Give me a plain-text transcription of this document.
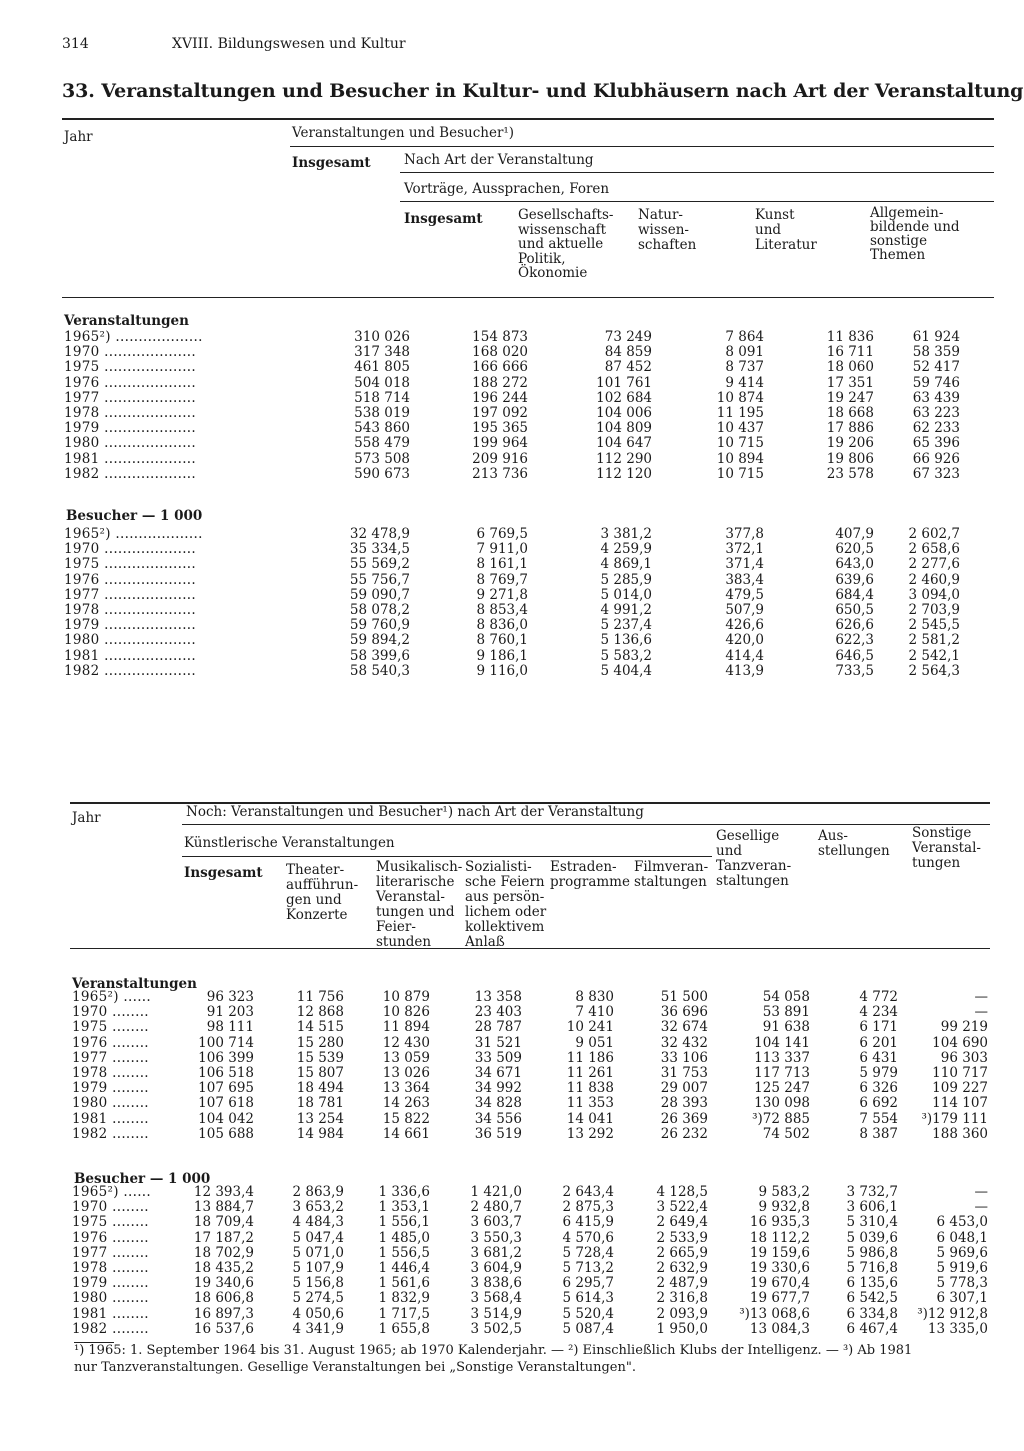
314	XVIII. Bildungswesen und Kultur
33. Veranstaltungen und Besucher in Kultur- und Klubhäusern nach Art der Veranstaltung
Jahr	Veranstaltungen und Besucher¹)
Insgesamt Nach Art der Veranstaltung
Vorträge, Aussprachen, Foren
Insgesamt	Gesellschafts-
wissenschaft
und aktuelle
Politik,
Ökonomie
Natur-
wissen-
schaften
Kunst
und
Literatur
Allgemein-
bildende und
sonstige
Themen
Veranstaltungen
1965²) ...................	310 026	154 873	73 249	7 864	11 836	61 924
1970 ....................	317 348	168 020	84 859	8 091	16 711	58 359
1975 ....................	461 805	166 666	87 452	8 737	18 060	52 417
1976 ....................	504 018	188 272	101 761	9 414	17 351	59 746
1977 ....................	518 714	196 244	102 684	10 874	19 247	63 439
1978 ....................	538 019	197 092	104 006	11 195	18 668	63 223
1979 ....................	543 860	195 365	104 809	10 437	17 886	62 233
1980 ....................	558 479	199 964	104 647	10 715	19 206	65 396
1981 ....................	573 508	209 916	112 290	10 894	19 806	66 926
1982 ....................	590 673	213 736	112 120	10 715	23 578	67 323
Besucher — 1 000
1965²) ...................	32 478,9	6 769,5	3 381,2	377,8	407,9	2 602,7
1970 ....................	35 334,5	7 911,0	4 259,9	372,1	620,5	2 658,6
1975 ....................	55 569,2	8 161,1	4 869,1	371,4	643,0	2 277,6
1976 ....................	55 756,7	8 769,7	5 285,9	383,4	639,6	2 460,9
1977 ....................	59 090,7	9 271,8	5 014,0	479,5	684,4	3 094,0
1978 ....................	58 078,2	8 853,4	4 991,2	507,9	650,5	2 703,9
1979 ....................	59 760,9	8 836,0	5 237,4	426,6	626,6	2 545,5
1980 ....................	59 894,2	8 760,1	5 136,6	420,0	622,3	2 581,2
1981 ....................	58 399,6	9 186,1	5 583,2	414,4	646,5	2 542,1
1982 ....................	58 540,3	9 116,0	5 404,4	413,9	733,5	2 564,3
Jahr	Noch: Veranstaltungen und Besucher¹) nach Art der Veranstaltung
Künstlerische Veranstaltungen
Insgesamt Theater-
aufführun-
gen und
Konzerte
Musikalisch-
literarische
Veranstal-
tungen und
Feier-
stunden
Sozialisti-
sche Feiern
aus persön-
lichem oder
kollektivem
Anlaß
Estraden-
programme
Filmveran-
staltungen
Gesellige
und
Tanzveran-
staltungen
Aus-
stellungen
Sonstige
Veranstal-
tungen
Veranstaltungen
1965²) ......	96 323	11 756	10 879	13 358	8 830	51 500	54 058	4 772	—
1970 ........	91 203	12 868	10 826	23 403	7 410	36 696	53 891	4 234	—
1975 ........	98 111	14 515	11 894	28 787	10 241	32 674	91 638	6 171	99 219
1976 ........	100 714	15 280	12 430	31 521	9 051	32 432	104 141	6 201	104 690
1977 ........	106 399	15 539	13 059	33 509	11 186	33 106	113 337	6 431	96 303
1978 ........	106 518	15 807	13 026	34 671	11 261	31 753	117 713	5 979	110 717
1979 ........	107 695	18 494	13 364	34 992	11 838	29 007	125 247	6 326	109 227
1980 ........	107 618	18 781	14 263	34 828	11 353	28 393	130 098	6 692	114 107
1981 ........	104 042	13 254	15 822	34 556	14 041	26 369	³)72 885	7 554	³)179 111
1982 ........	105 688	14 984	14 661	36 519	13 292	26 232	74 502	8 387	188 360
Besucher — 1 000
1965²) ......	12 393,4	2 863,9	1 336,6	1 421,0	2 643,4	4 128,5	9 583,2	3 732,7	—
1970 ........	13 884,7	3 653,2	1 353,1	2 480,7	2 875,3	3 522,4	9 932,8	3 606,1	—
1975 ........	18 709,4	4 484,3	1 556,1	3 603,7	6 415,9	2 649,4	16 935,3	5 310,4	6 453,0
1976 ........	17 187,2	5 047,4	1 485,0	3 550,3	4 570,6	2 533,9	18 112,2	5 039,6	6 048,1
1977 ........	18 702,9	5 071,0	1 556,5	3 681,2	5 728,4	2 665,9	19 159,6	5 986,8	5 969,6
1978 ........	18 435,2	5 107,9	1 446,4	3 604,9	5 713,2	2 632,9	19 330,6	5 716,8	5 919,6
1979 ........	19 340,6	5 156,8	1 561,6	3 838,6	6 295,7	2 487,9	19 670,4	6 135,6	5 778,3
1980 ........	18 606,8	5 274,5	1 832,9	3 568,4	5 614,3	2 316,8	19 677,7	6 542,5	6 307,1
1981 ........	16 897,3	4 050,6	1 717,5	3 514,9	5 520,4	2 093,9	³)13 068,6	6 334,8	³)12 912,8
1982 ........	16 537,6	4 341,9	1 655,8	3 502,5	5 087,4	1 950,0	13 084,3	6 467,4	13 335,0
¹) 1965: 1. September 1964 bis 31. August 1965; ab 1970 Kalenderjahr. — ²) Einschließlich Klubs der Intelligenz. — ³) Ab 1981
nur Tanzveranstaltungen. Gesellige Veranstaltungen bei „Sonstige Veranstaltungen".
